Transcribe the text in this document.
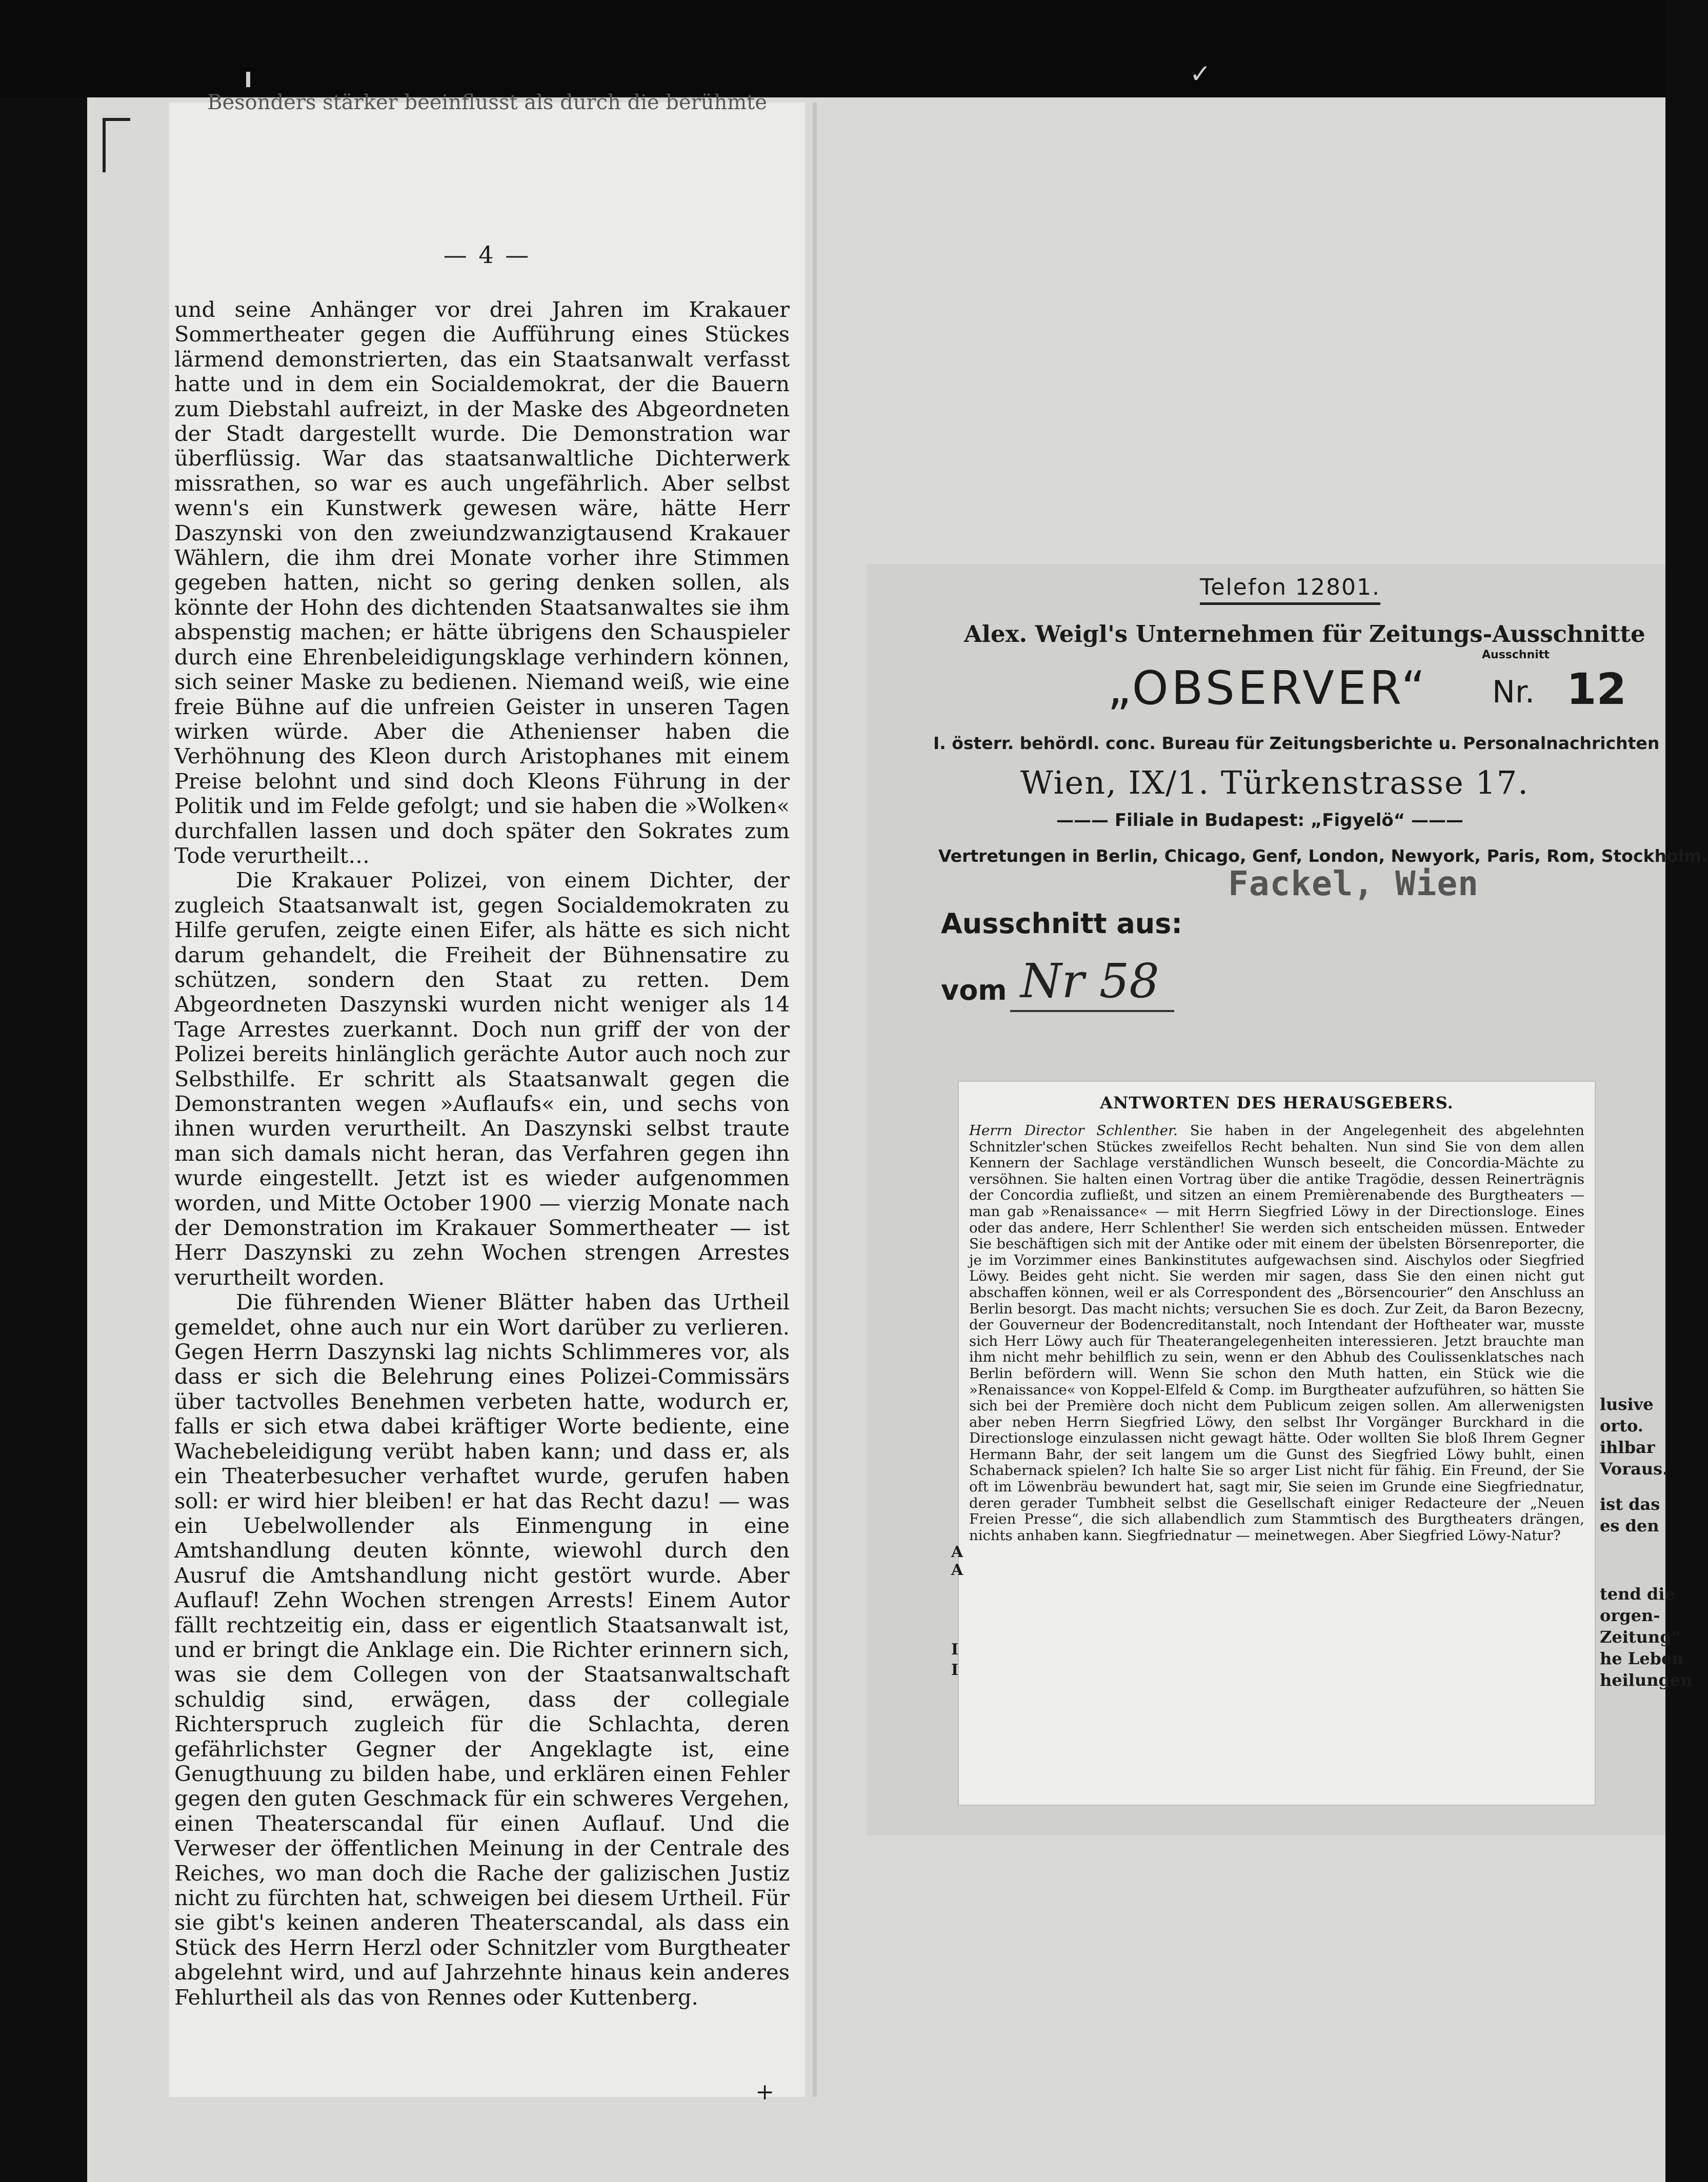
✓
Besonders stärker beeinflusst als durch die berühmte
— 4 —

und seine Anhänger vor drei Jahren im Krakauer Sommertheater gegen die Aufführung eines Stückes lärmend demonstrierten, das ein Staatsanwalt verfasst hatte und in dem ein Socialdemokrat, der die Bauern zum Diebstahl aufreizt, in der Maske des Abgeordneten der Stadt dargestellt wurde. Die Demonstration war überflüssig. War das staatsanwaltliche Dichterwerk missrathen, so war es auch ungefährlich. Aber selbst wenn's ein Kunstwerk gewesen wäre, hätte Herr Daszynski von den zweiundzwanzigtausend Krakauer Wählern, die ihm drei Monate vorher ihre Stimmen gegeben hatten, nicht so gering denken sollen, als könnte der Hohn des dichtenden Staatsanwaltes sie ihm abspenstig machen; er hätte übrigens den Schauspieler durch eine Ehrenbeleidigungsklage verhindern können, sich seiner Maske zu bedienen. Niemand weiß, wie eine freie Bühne auf die unfreien Geister in unseren Tagen wirken würde. Aber die Athenienser haben die Verhöhnung des Kleon durch Aristophanes mit einem Preise belohnt und sind doch Kleons Führung in der Politik und im Felde gefolgt; und sie haben die »Wolken« durchfallen lassen und doch später den Sokrates zum Tode verurtheilt…

Die Krakauer Polizei, von einem Dichter, der zugleich Staatsanwalt ist, gegen Socialdemokraten zu Hilfe gerufen, zeigte einen Eifer, als hätte es sich nicht darum gehandelt, die Freiheit der Bühnensatire zu schützen, sondern den Staat zu retten. Dem Abgeordneten Daszynski wurden nicht weniger als 14 Tage Arrestes zuerkannt. Doch nun griff der von der Polizei bereits hinlänglich gerächte Autor auch noch zur Selbsthilfe. Er schritt als Staatsanwalt gegen die Demonstranten wegen »Auflaufs« ein, und sechs von ihnen wurden verurtheilt. An Daszynski selbst traute man sich damals nicht heran, das Verfahren gegen ihn wurde eingestellt. Jetzt ist es wieder aufgenommen worden, und Mitte October 1900 — vierzig Monate nach der Demonstration im Krakauer Sommertheater — ist Herr Daszynski zu zehn Wochen strengen Arrestes verurtheilt worden.

Die führenden Wiener Blätter haben das Urtheil gemeldet, ohne auch nur ein Wort darüber zu verlieren. Gegen Herrn Daszynski lag nichts Schlimmeres vor, als dass er sich die Belehrung eines Polizei-Commissärs über tactvolles Benehmen verbeten hatte, wodurch er, falls er sich etwa dabei kräftiger Worte bediente, eine Wachebeleidigung verübt haben kann; und dass er, als ein Theaterbesucher verhaftet wurde, gerufen haben soll: er wird hier bleiben! er hat das Recht dazu! — was ein Uebelwollender als Einmengung in eine Amtshandlung deuten könnte, wiewohl durch den Ausruf die Amtshandlung nicht gestört wurde. Aber Auflauf! Zehn Wochen strengen Arrests! Einem Autor fällt rechtzeitig ein, dass er eigentlich Staatsanwalt ist, und er bringt die Anklage ein. Die Richter erinnern sich, was sie dem Collegen von der Staatsanwaltschaft schuldig sind, erwägen, dass der collegiale Richterspruch zugleich für die Schlachta, deren gefährlichster Gegner der Angeklagte ist, eine Genugthuung zu bilden habe, und erklären einen Fehler gegen den guten Geschmack für ein schweres Vergehen, einen Theaterscandal für einen Auflauf. Und die Verweser der öffentlichen Meinung in der Centrale des Reiches, wo man doch die Rache der galizischen Justiz nicht zu fürchten hat, schweigen bei diesem Urtheil. Für sie gibt's keinen anderen Theaterscandal, als dass ein Stück des Herrn Herzl oder Schnitzler vom Burgtheater abgelehnt wird, und auf Jahrzehnte hinaus kein anderes Fehlurtheil als das von Rennes oder Kuttenberg.

+
Telefon 12801.
Alex. Weigl's Unternehmen für Zeitungs-Ausschnitte
Ausschnitt
„OBSERVER“ Nr. 12
I. österr. behördl. conc. Bureau für Zeitungsberichte u. Personalnachrichten
Wien, IX/1. Türkenstrasse 17.
——— Filiale in Budapest: „Figyelö“ ———
Vertretungen in Berlin, Chicago, Genf, London, Newyork, Paris, Rom, Stockholm.
Fackel, Wien
Ausschnitt aus:
vom Nr 58
ANTWORTEN DES HERAUSGEBERS.
Herrn Director Schlenther. Sie haben in der Angelegenheit des abgelehnten Schnitzler'schen Stückes zweifellos Recht behalten. Nun sind Sie von dem allen Kennern der Sachlage verständlichen Wunsch beseelt, die Concordia-Mächte zu versöhnen. Sie halten einen Vortrag über die antike Tragödie, dessen Reinerträgnis der Concordia zufließt, und sitzen an einem Premièrenabende des Burgtheaters — man gab »Renaissance« — mit Herrn Siegfried Löwy in der Directionsloge. Eines oder das andere, Herr Schlenther! Sie werden sich entscheiden müssen. Entweder Sie beschäftigen sich mit der Antike oder mit einem der übelsten Börsenreporter, die je im Vorzimmer eines Bankinstitutes aufgewachsen sind. Aischylos oder Siegfried Löwy. Beides geht nicht. Sie werden mir sagen, dass Sie den einen nicht gut abschaffen können, weil er als Correspondent des „Börsencourier“ den Anschluss an Berlin besorgt. Das macht nichts; versuchen Sie es doch. Zur Zeit, da Baron Bezecny, der Gouverneur der Bodencreditanstalt, noch Intendant der Hoftheater war, musste sich Herr Löwy auch für Theaterangelegenheiten interessieren. Jetzt brauchte man ihm nicht mehr behilflich zu sein, wenn er den Abhub des Coulissenklatsches nach Berlin befördern will. Wenn Sie schon den Muth hatten, ein Stück wie die »Renaissance« von Koppel-Elfeld & Comp. im Burgtheater aufzuführen, so hätten Sie sich bei der Première doch nicht dem Publicum zeigen sollen. Am allerwenigsten aber neben Herrn Siegfried Löwy, den selbst Ihr Vorgänger Burckhard in die Directionsloge einzulassen nicht gewagt hätte. Oder wollten Sie bloß Ihrem Gegner Hermann Bahr, der seit langem um die Gunst des Siegfried Löwy buhlt, einen Schabernack spielen? Ich halte Sie so arger List nicht für fähig. Ein Freund, der Sie oft im Löwenbräu bewundert hat, sagt mir, Sie seien im Grunde eine Siegfriednatur, deren gerader Tumbheit selbst die Gesellschaft einiger Redacteure der „Neuen Freien Presse“, die sich allabendlich zum Stammtisch des Burgtheaters drängen, nichts anhaben kann. Siegfriednatur — meinetwegen. Aber Siegfried Löwy-Natur?
lusive
orto.
ihlbar
Voraus.
ist das
es den
tend die
orgen-
Zeitung“
he Leben
heilungen
A
A
I
I
